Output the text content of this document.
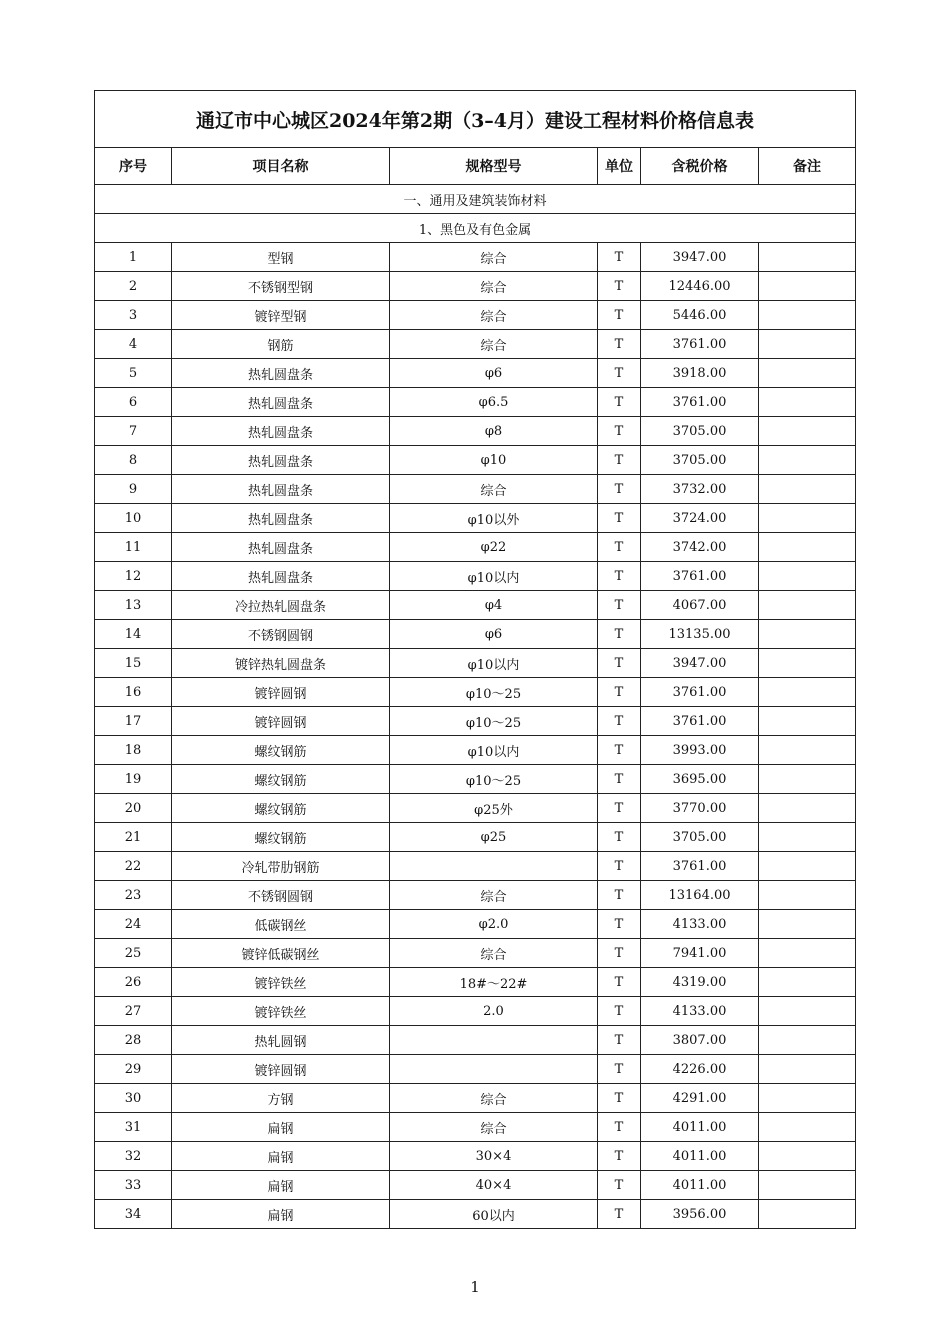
通辽市中心城区2024年第2期（3–4月）建设工程材料价格信息表					
序号	项目名称	规格型号	单位	含税价格	备注
一、通用及建筑装饰材料					
1、黑色及有色金属					
1	型钢	综合	T	3947.00	
2	不锈钢型钢	综合	T	12446.00	
3	镀锌型钢	综合	T	5446.00	
4	钢筋	综合	T	3761.00	
5	热轧圆盘条	φ6	T	3918.00	
6	热轧圆盘条	φ6.5	T	3761.00	
7	热轧圆盘条	φ8	T	3705.00	
8	热轧圆盘条	φ10	T	3705.00	
9	热轧圆盘条	综合	T	3732.00	
10	热轧圆盘条	φ10以外	T	3724.00	
11	热轧圆盘条	φ22	T	3742.00	
12	热轧圆盘条	φ10以内	T	3761.00	
13	冷拉热轧圆盘条	φ4	T	4067.00	
14	不锈钢圆钢	φ6	T	13135.00	
15	镀锌热轧圆盘条	φ10以内	T	3947.00	
16	镀锌圆钢	φ10～25	T	3761.00	
17	镀锌圆钢	φ10～25	T	3761.00	
18	螺纹钢筋	φ10以内	T	3993.00	
19	螺纹钢筋	φ10～25	T	3695.00	
20	螺纹钢筋	φ25外	T	3770.00	
21	螺纹钢筋	φ25	T	3705.00	
22	冷轧带肋钢筋		T	3761.00	
23	不锈钢圆钢	综合	T	13164.00	
24	低碳钢丝	φ2.0	T	4133.00	
25	镀锌低碳钢丝	综合	T	7941.00	
26	镀锌铁丝	18#～22#	T	4319.00	
27	镀锌铁丝	2.0	T	4133.00	
28	热轧圆钢		T	3807.00	
29	镀锌圆钢		T	4226.00	
30	方钢	综合	T	4291.00	
31	扁钢	综合	T	4011.00	
32	扁钢	30×4	T	4011.00	
33	扁钢	40×4	T	4011.00	
34	扁钢	60以内	T	3956.00	
1
